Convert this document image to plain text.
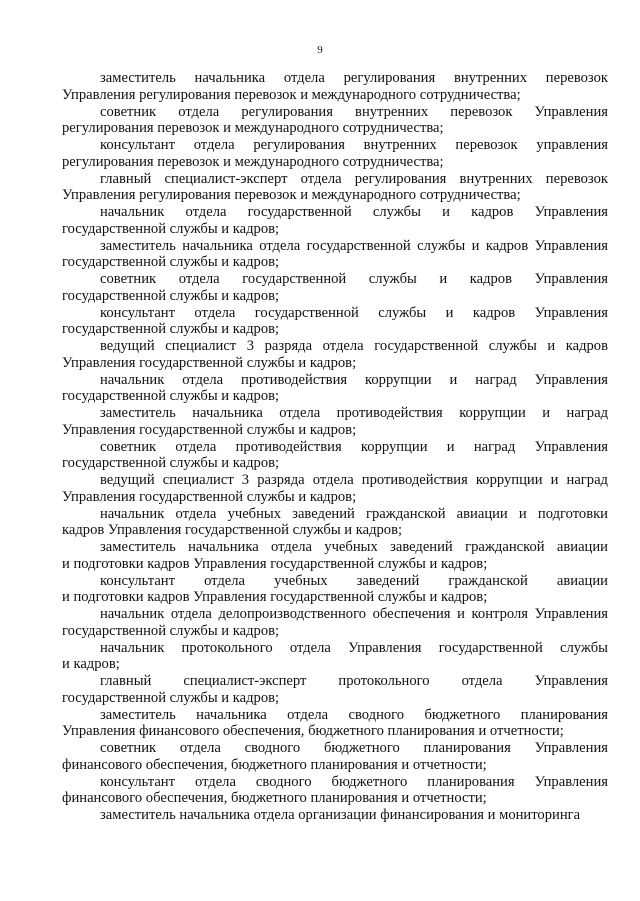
9

заместитель начальника отдела регулирования внутренних перевозок
Управления регулирования перевозок и международного сотрудничества;

советник отдела регулирования внутренних перевозок Управления
регулирования перевозок и международного сотрудничества;

консультант отдела регулирования внутренних перевозок управления
регулирования перевозок и международного сотрудничества;

главный специалист-эксперт отдела регулирования внутренних перевозок
Управления регулирования перевозок и международного сотрудничества;

начальник отдела государственной службы и кадров Управления
государственной службы и кадров;

заместитель начальника отдела государственной службы и кадров Управления
государственной службы и кадров;

советник отдела государственной службы и кадров Управления
государственной службы и кадров;

консультант отдела государственной службы и кадров Управления
государственной службы и кадров;

ведущий специалист 3 разряда отдела государственной службы и кадров
Управления государственной службы и кадров;

начальник отдела противодействия коррупции и наград Управления
государственной службы и кадров;

заместитель начальника отдела противодействия коррупции и наград
Управления государственной службы и кадров;

советник отдела противодействия коррупции и наград Управления
государственной службы и кадров;

ведущий специалист 3 разряда отдела противодействия коррупции и наград
Управления государственной службы и кадров;

начальник отдела учебных заведений гражданской авиации и подготовки
кадров Управления государственной службы и кадров;

заместитель начальника отдела учебных заведений гражданской авиации
и подготовки кадров Управления государственной службы и кадров;

консультант отдела учебных заведений гражданской авиации
и подготовки кадров Управления государственной службы и кадров;

начальник отдела делопроизводственного обеспечения и контроля Управления
государственной службы и кадров;

начальник протокольного отдела Управления государственной службы
и кадров;

главный специалист-эксперт протокольного отдела Управления
государственной службы и кадров;

заместитель начальника отдела сводного бюджетного планирования
Управления финансового обеспечения, бюджетного планирования и отчетности;

советник отдела сводного бюджетного планирования Управления
финансового обеспечения, бюджетного планирования и отчетности;

консультант отдела сводного бюджетного планирования Управления
финансового обеспечения, бюджетного планирования и отчетности;

заместитель начальника отдела организации финансирования и мониторинга
